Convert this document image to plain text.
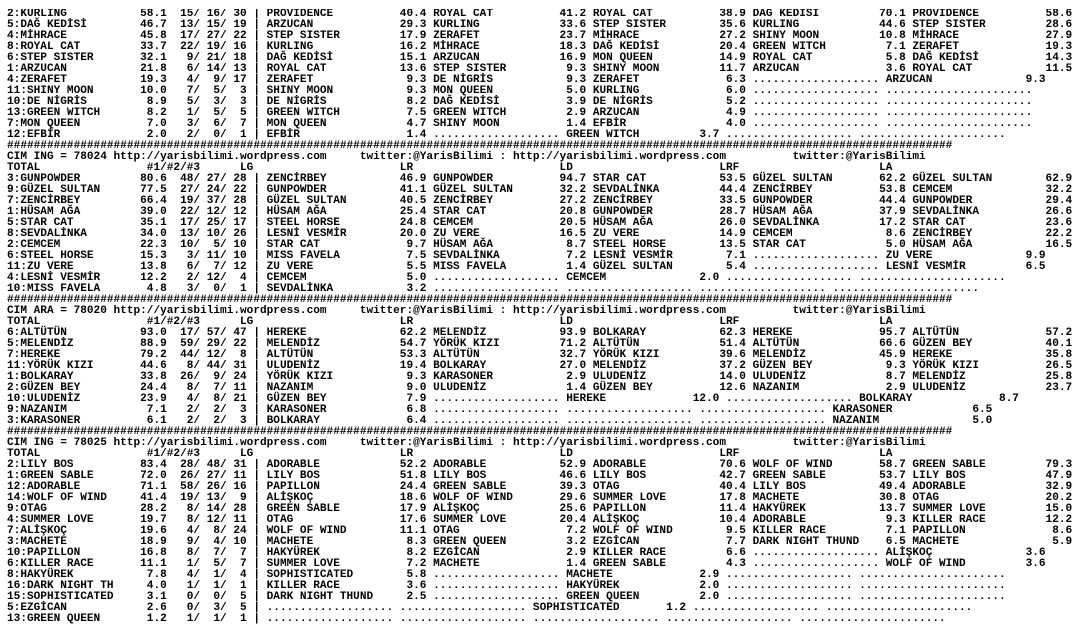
2:KURLING           58.1  15/ 16/ 30 | PROVIDENCE          40.4 ROYAL CAT          41.2 ROYAL CAT          38.9 DAĞ KEDİSİ         70.1 PROVIDENCE          58.6
5:DAĞ KEDİSİ        46.7  13/ 15/ 19 | ARZUCAN             29.3 KURLING            33.6 STEP SISTER        35.6 KURLING            44.6 STEP SISTER         28.6
4:MİHRACE           45.8  17/ 27/ 22 | STEP SISTER         17.9 ZERAFET            23.7 MİHRACE            27.2 SHINY MOON         10.8 MİHRACE             27.9
8:ROYAL CAT         33.7  22/ 19/ 16 | KURLING             16.2 MİHRACE            18.3 DAĞ KEDİSİ         20.4 GREEN WITCH         7.1 ZERAFET             19.3
6:STEP SISTER       32.1   9/ 21/ 18 | DAĞ KEDİSİ          15.1 ARZUCAN            16.9 MON QUEEN          14.9 ROYAL CAT           5.8 DAĞ KEDİSİ          14.3
1:ARZUCAN           21.8   6/ 14/ 13 | ROYAL CAT           13.6 STEP SISTER         9.3 SHINY MOON         11.7 ARZUCAN             3.6 ROYAL CAT           11.5
4:ZERAFET           19.3   4/  9/ 17 | ZERAFET              9.3 DE NİGRİS           9.3 ZERAFET             6.3 ................... ARZUCAN              9.3
11:SHINY MOON       10.0   7/  5/  3 | SHINY MOON           9.3 MON QUEEN           5.0 KURLING             6.0 ................... ......................
10:DE NİGRİS         8.9   5/  3/  3 | DE NİGRİS            8.2 DAĞ KEDİSİ          3.9 DE NİGRİS           5.2 ................... ......................
13:GREEN WITCH       8.2   1/  5/  5 | GREEN WITCH          7.5 GREEN WITCH         2.9 ARZUCAN             4.9 ................... ......................
7:MON QUEEN          7.0   3/  6/  7 | MON QUEEN            4.7 SHINY MOON          1.4 EFBİR               4.0 ................... ......................
12:EFBİR             2.0   2/  0/  1 | EFBİR                1.4 ................... GREEN WITCH         3.7 ................... ......................
##############################################################################################################################################
CIM ING = 78024 http://yarisbilimi.wordpress.com     twitter:@YarisBilimi : http://yarisbilimi.wordpress.com          twitter:@YarisBilimi
TOTAL                #1/#2/#3      LG                      LR                      LD                      LRF                     LA
3:GUNPOWDER         80.6  48/ 27/ 28 | ZENCİRBEY           46.9 GUNPOWDER          94.7 STAR CAT           53.5 GÜZEL SULTAN       62.2 GÜZEL SULTAN        62.9
9:GÜZEL SULTAN      77.5  27/ 24/ 22 | GUNPOWDER           41.1 GÜZEL SULTAN       32.2 SEVDALİNKA         44.4 ZENCİRBEY          53.8 CEMCEM              32.2
7:ZENCİRBEY         66.4  19/ 37/ 28 | GÜZEL SULTAN        40.5 ZENCİRBEY          27.2 ZENCİRBEY          33.5 GUNPOWDER          44.4 GUNPOWDER           29.4
1:HÜSAM AĞA         39.0  22/ 12/ 12 | HÜSAM AĞA           25.4 STAR CAT           20.8 GUNPOWDER          28.7 HÜSAM AĞA          37.9 SEVDALİNKA          26.6
5:STAR CAT          35.1  17/ 25/ 17 | STEEL HORSE         24.8 CEMCEM             20.5 HÜSAM AĞA          26.0 SEVDALİNKA         17.2 STAR CAT            23.6
8:SEVDALİNKA        34.0  13/ 10/ 26 | LESNİ VESMİR        20.0 ZU VERE            16.5 ZU VERE            14.9 CEMCEM              8.6 ZENCİRBEY           22.2
2:CEMCEM            22.3  10/  5/ 10 | STAR CAT             9.7 HÜSAM AĞA           8.7 STEEL HORSE        13.5 STAR CAT            5.0 HÜSAM AĞA           16.5
6:STEEL HORSE       15.3   3/ 11/ 10 | MISS FAVELA          7.5 SEVDALİNKA          7.2 LESNİ VESMİR        7.1 ................... ZU VERE              9.9
11:ZU VERE          13.8   6/  7/ 12 | ZU VERE              5.5 MISS FAVELA         1.4 GÜZEL SULTAN        5.4 ................... LESNİ VESMİR         6.5
4:LESNİ VESMİR      12.2   2/ 12/  4 | CEMCEM               5.0 ................... CEMCEM              2.0 ................... ......................
10:MISS FAVELA       4.8   3/  0/  1 | SEVDALİNKA           3.2 ................... ................... ................... ......................
##############################################################################################################################################
CIM ARA = 78020 http://yarisbilimi.wordpress.com     twitter:@YarisBilimi : http://yarisbilimi.wordpress.com          twitter:@YarisBilimi
TOTAL                #1/#2/#3      LG                      LR                      LD                      LRF                     LA
6:ALTÜTÜN           93.0  17/ 57/ 47 | HEREKE              62.2 MELENDİZ           93.9 BOLKARAY           62.3 HEREKE             95.7 ALTÜTÜN             57.2
5:MELENDİZ          88.9  59/ 29/ 22 | MELENDİZ            54.7 YÖRÜK KIZI         71.2 ALTÜTÜN            51.4 ALTÜTÜN            66.6 GÜZEN BEY           40.1
7:HEREKE            79.2  44/ 12/  8 | ALTÜTÜN             53.3 ALTÜTÜN            32.7 YÖRÜK KIZI         39.6 MELENDİZ           45.9 HEREKE              35.8
11:YÖRÜK KIZI       44.6   8/ 44/ 31 | ULUDENİZ            19.4 BOLKARAY           27.0 MELENDİZ           37.2 GÜZEN BEY           9.3 YÖRÜK KIZI          26.5
1:BOLKARAY          33.8  26/  9/ 24 | YÖRÜK KIZI           9.3 KARASONER           2.9 ULUDENİZ           14.0 ULUDENİZ            8.7 MELENDİZ            25.8
2:GÜZEN BEY         24.4   8/  7/ 11 | NAZANIM              9.0 ULUDENİZ            1.4 GÜZEN BEY          12.6 NAZANIM             2.9 ULUDENİZ            23.7
10:ULUDENİZ         23.9   4/  8/ 21 | GÜZEN BEY            7.9 ................... HEREKE             12.0 ................... BOLKARAY             8.7
9:NAZANIM            7.1   2/  2/  3 | KARASONER            6.8 ................... ................... ................... KARASONER            6.5
3:KARASONER          6.1   2/  2/  3 | BOLKARAY             6.4 ................... ................... ................... NAZANIM              5.0
##############################################################################################################################################
CIM ING = 78025 http://yarisbilimi.wordpress.com     twitter:@YarisBilimi : http://yarisbilimi.wordpress.com          twitter:@YarisBilimi
TOTAL                #1/#2/#3      LG                      LR                      LD                      LRF                     LA
2:LILY BOS          83.4  28/ 48/ 31 | ADORABLE            52.2 ADORABLE           52.9 ADORABLE           70.6 WOLF OF WIND       58.7 GREEN SABLE         79.3
1:GREEN SABLE       72.0  26/ 27/ 11 | LILY BOS            51.8 LILY BOS           46.6 LILY BOS           42.7 GREEN SABLE        53.7 LILY BOS            47.9
12:ADORABLE         71.1  58/ 26/ 16 | PAPILLON            24.4 GREEN SABLE        39.3 OTAG               40.4 LILY BOS           49.4 ADORABLE            32.9
14:WOLF OF WIND     41.4  19/ 13/  9 | ALİŞKOÇ             18.6 WOLF OF WIND       29.6 SUMMER LOVE        17.8 MACHETE            30.8 OTAG                20.2
9:OTAG              28.2   8/ 14/ 28 | GREEN SABLE         17.9 ALİŞKOÇ            25.6 PAPILLON           11.4 HAKYÜREK           13.7 SUMMER LOVE         15.0
4:SUMMER LOVE       19.7   8/ 12/ 11 | OTAG                17.6 SUMMER LOVE        20.4 ALİŞKOÇ            10.4 ADORABLE            9.3 KILLER RACE         12.2
7:ALİŞKOÇ           19.6   4/  8/ 24 | WOLF OF WIND        11.1 OTAG                7.2 WOLF OF WIND        9.5 KILLER RACE         7.1 PAPILLON             8.6
3:MACHETE           18.9   9/  4/ 10 | MACHETE              8.3 GREEN QUEEN         3.2 EZGİCAN             7.7 DARK NIGHT THUND    6.5 MACHETE              5.9
10:PAPILLON         16.8   8/  7/  7 | HAKYÜREK             8.2 EZGİCAN             2.9 KILLER RACE         6.6 ................... ALİŞKOÇ              3.6
6:KILLER RACE       11.1   1/  5/  7 | SUMMER LOVE          7.2 MACHETE             1.4 GREEN SABLE         4.3 ................... WOLF OF WIND         3.6
8:HAKYÜREK           7.8   4/  1/  4 | SOPHISTICATED        5.8 ................... MACHETE             2.9 ................... ......................
16:DARK NIGHT TH     4.0   1/  1/  1 | KILLER RACE          3.6 ................... HAKYÜREK            2.0 ................... ......................
15:SOPHISTICATED     3.1   0/  0/  5 | DARK NIGHT THUND     2.5 ................... GREEN QUEEN         2.0 ................... ......................
5:EZGİCAN            2.6   0/  3/  5 | ................... ................... SOPHISTICATED       1.2 ................... ......................
13:GREEN QUEEN       1.2   1/  1/  1 | ................... ................... ................... ................... ......................
